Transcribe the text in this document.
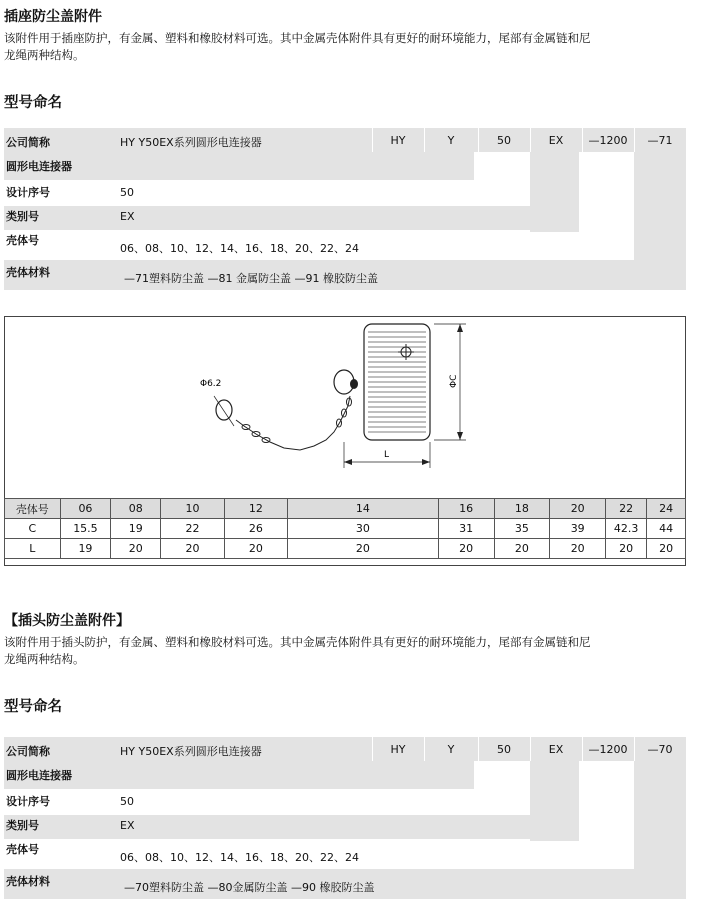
插座防尘盖附件
该附件用于插座防护，有金属、塑料和橡胶材料可选。其中金属壳体附件具有更好的耐环境能力，尾部有金属链和尼
龙绳两种结构。
型号命名
公司简称	HY Y50EX系列圆形电连接器
圆形电连接器
设计序号	50
类别号	EX
壳体号
06、08、10、12、14、16、18、20、22、24
壳体材料	—71塑料防尘盖 —81 金属防尘盖 —91 橡胶防尘盖
HY	Y	50	EX	—1200	—71
Φ6.2	ΦC
L
壳体号	06	08	10	12	14	16	18	20	22	24
C	15.5	19	22	26	30	31	35	39	42.3	44
L	19	20	20	20	20	20	20	20	20	20
【插头防尘盖附件】
该附件用于插头防护，有金属、塑料和橡胶材料可选。其中金属壳体附件具有更好的耐环境能力，尾部有金属链和尼
龙绳两种结构。
型号命名
公司简称	HY Y50EX系列圆形电连接器
圆形电连接器
设计序号	50
类别号	EX
壳体号
06、08、10、12、14、16、18、20、22、24
壳体材料	—70塑料防尘盖 —80金属防尘盖 —90 橡胶防尘盖
HY	Y	50	EX	—1200	—70
